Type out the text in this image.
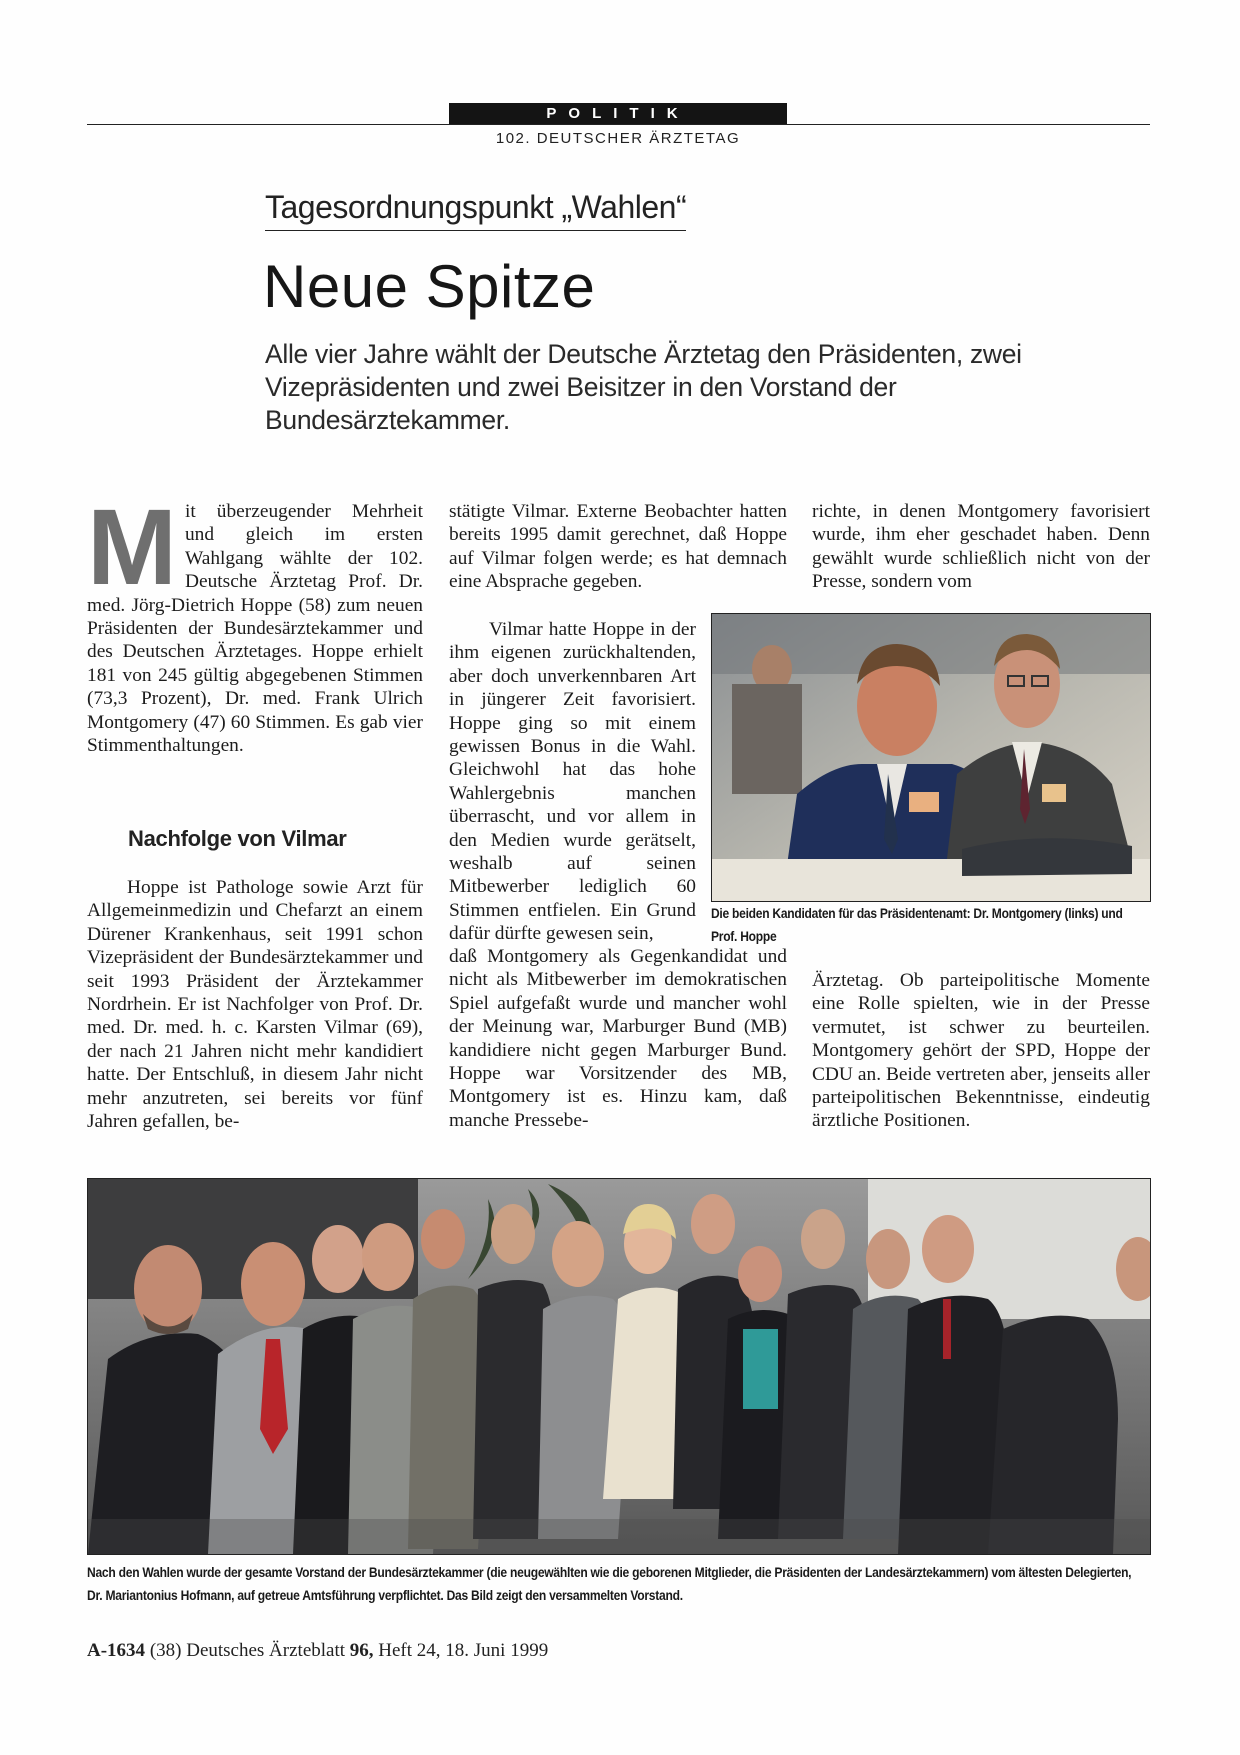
POLITIK
102. DEUTSCHER ÄRZTETAG
Tagesordnungspunkt „Wahlen“
Neue Spitze
Alle vier Jahre wählt der Deutsche Ärztetag den Präsidenten, zwei Vizepräsidenten und zwei Beisitzer in den Vorstand der Bundesärztekammer.

Mit überzeugender Mehrheit und gleich im ersten Wahlgang wählte der 102. Deutsche Ärztetag Prof. Dr. med. Jörg-Dietrich Hoppe (58) zum neuen Präsidenten der Bundesärztekammer und des Deutschen Ärztetages. Hoppe erhielt 181 von 245 gültig abgegebenen Stimmen (73,3 Prozent), Dr. med. Frank Ulrich Montgomery (47) 60 Stimmen. Es gab vier Stimmenthaltungen.

Nachfolge von Vilmar

Hoppe ist Pathologe sowie Arzt für Allgemeinmedizin und Chefarzt an einem Dürener Krankenhaus, seit 1991 schon Vizepräsident der Bundesärztekammer und seit 1993 Präsident der Ärztekammer Nordrhein. Er ist Nachfolger von Prof. Dr. med. Dr. med. h. c. Karsten Vilmar (69), der nach 21 Jahren nicht mehr kandidiert hatte. Der Entschluß, in diesem Jahr nicht mehr anzutreten, sei bereits vor fünf Jahren gefallen, be-

stätigte Vilmar. Externe Beobachter hatten bereits 1995 damit gerechnet, daß Hoppe auf Vilmar folgen werde; es hat demnach eine Absprache gegeben.

Vilmar hatte Hoppe in der ihm eigenen zurückhaltenden, aber doch unverkennbaren Art in jüngerer Zeit favorisiert. Hoppe ging so mit einem gewissen Bonus in die Wahl. Gleichwohl hat das hohe Wahlergebnis manchen überrascht, und vor allem in den Medien wurde gerätselt, weshalb auf seinen Mitbewerber lediglich 60 Stimmen entfielen. Ein Grund dafür dürfte gewesen sein,

daß Montgomery als Gegenkandidat und nicht als Mitbewerber im demokratischen Spiel aufgefaßt wurde und mancher wohl der Meinung war, Marburger Bund (MB) kandidiere nicht gegen Marburger Bund. Hoppe war Vorsitzender des MB, Montgomery ist es. Hinzu kam, daß manche Pressebe-

richte, in denen Montgomery favorisiert wurde, ihm eher geschadet haben. Denn gewählt wurde schließlich nicht von der Presse, sondern vom

Ärztetag. Ob parteipolitische Momente eine Rolle spielten, wie in der Presse vermutet, ist schwer zu beurteilen. Montgomery gehört der SPD, Hoppe der CDU an. Beide vertreten aber, jenseits aller parteipolitischen Bekenntnisse, eindeutig ärztliche Positionen.

Die beiden Kandidaten für das Präsidentenamt: Dr. Montgomery (links) und Prof. Hoppe
Nach den Wahlen wurde der gesamte Vorstand der Bundesärztekammer (die neugewählten wie die geborenen Mitglieder, die Präsidenten der Landesärztekammern) vom ältesten Delegierten, Dr. Mariantonius Hofmann, auf getreue Amtsführung verpflichtet. Das Bild zeigt den versammelten Vorstand.
A-1634 (38) Deutsches Ärzteblatt 96, Heft 24, 18. Juni 1999
